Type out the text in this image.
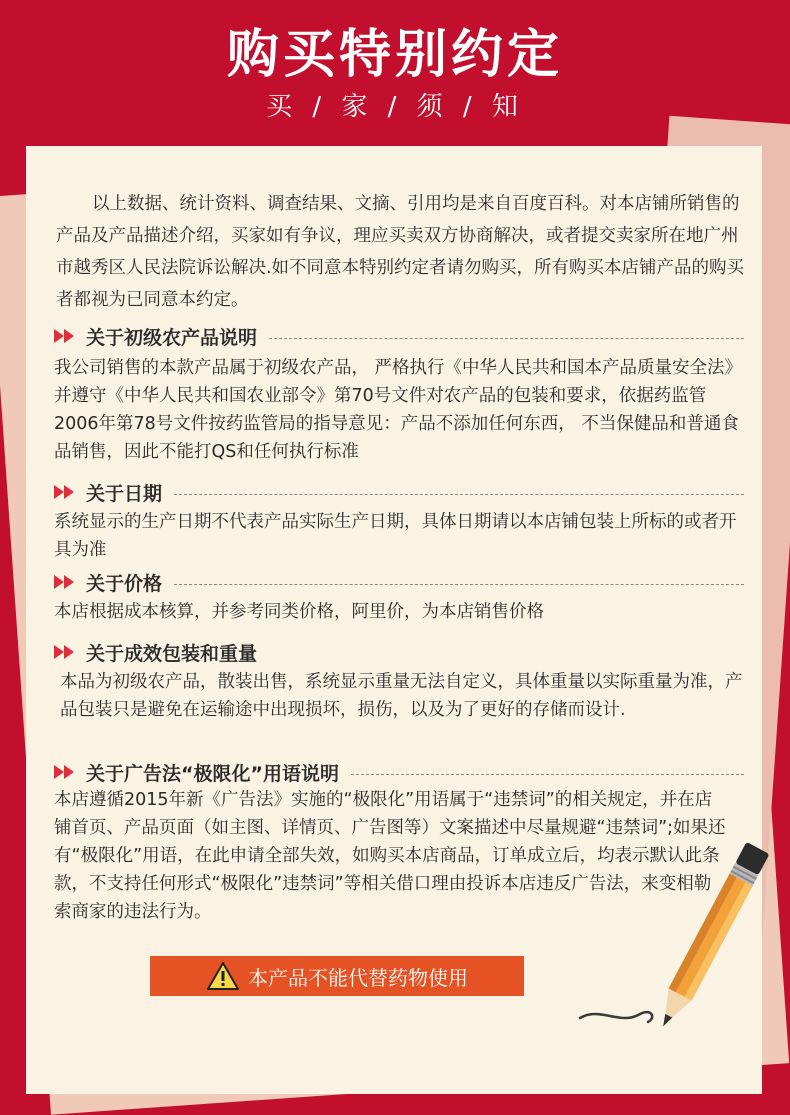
购买特别约定
买 / 家 / 须 / 知
以上数据、统计资料、调查结果、文摘、引用均是来自百度百科。对本店铺所销售的产品及产品描述介绍，买家如有争议，理应买卖双方协商解决，或者提交卖家所在地广州市越秀区人民法院诉讼解决.如不同意本特别约定者请勿购买，所有购买本店铺产品的购买者都视为已同意本约定。
关于初级农产品说明
我公司销售的本款产品属于初级农产品， 严格执行《中华人民共和国本产品质量安全法》并遵守《中华人民共和国农业部令》第70号文件对农产品的包装和要求，依据药监管2006年第78号文件按药监管局的指导意见：产品不添加任何东西， 不当保健品和普通食品销售，因此不能打QS和任何执行标准
关于日期
系统显示的生产日期不代表产品实际生产日期，具体日期请以本店铺包装上所标的或者开具为准
关于价格
本店根据成本核算，并参考同类价格，阿里价，为本店销售价格
关于成效包装和重量
本品为初级农产品，散装出售，系统显示重量无法自定义，具体重量以实际重量为准，产品包装只是避免在运输途中出现损坏，损伤，以及为了更好的存储而设计.
关于广告法“极限化”用语说明
本店遵循2015年新《广告法》实施的“极限化”用语属于“违禁词”的相关规定，并在店铺首页、产品页面（如主图、详情页、广告图等）文案描述中尽量规避“违禁词”;如果还有“极限化”用语，在此申请全部失效，如购买本店商品，订单成立后，均表示默认此条款，不支持任何形式“极限化”违禁词”等相关借口理由投诉本店违反广告法，来变相勒索商家的违法行为。
本产品不能代替药物使用
